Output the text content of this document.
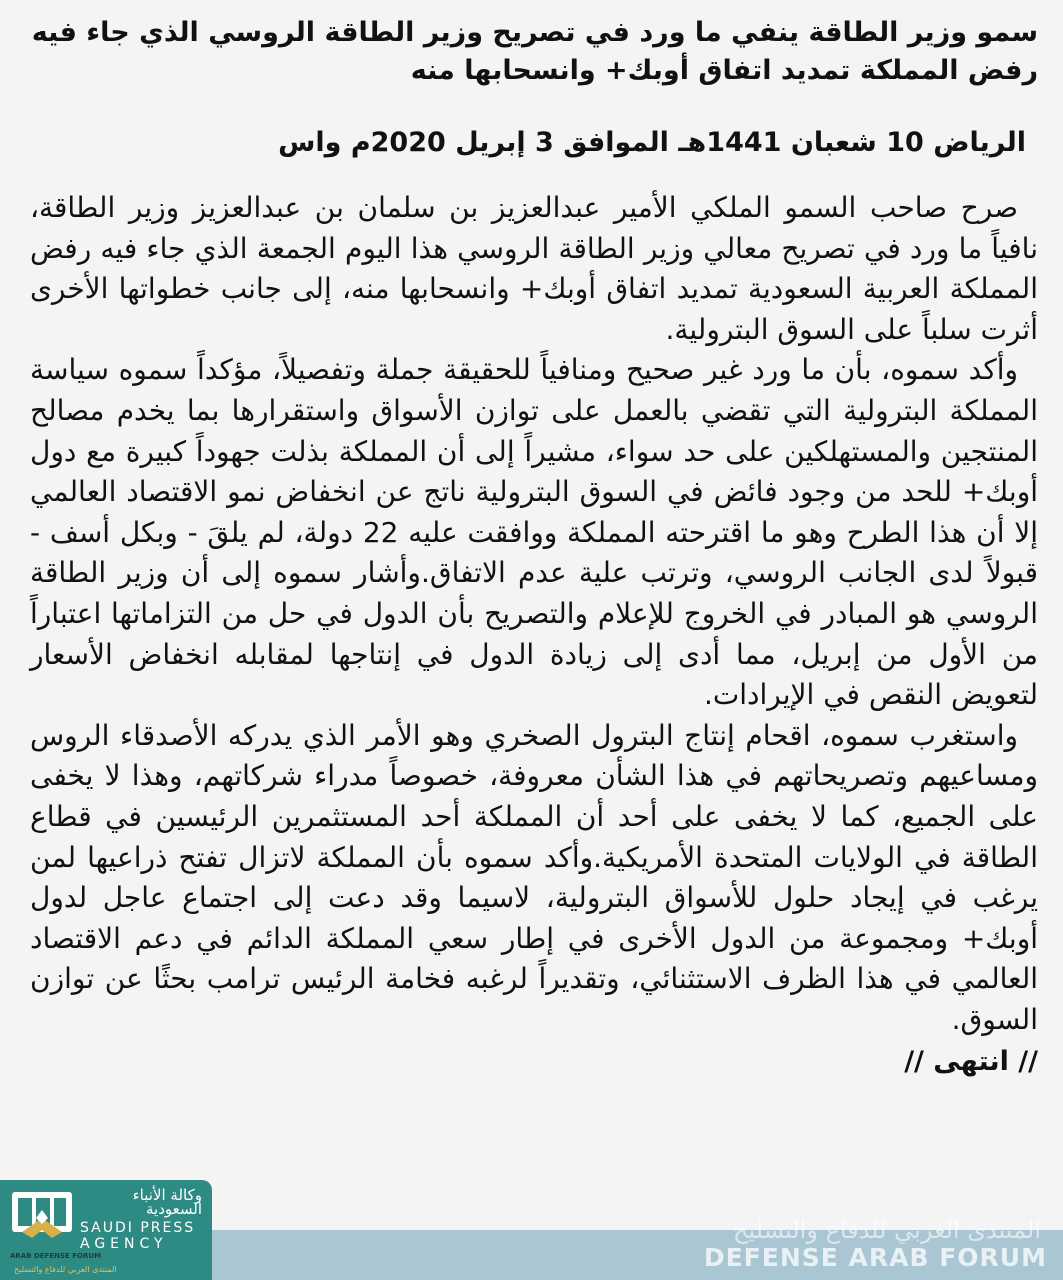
سمو وزير الطاقة ينفي ما ورد في تصريح وزير الطاقة الروسي الذي جاء فيه
رفض المملكة تمديد اتفاق أوبك+ وانسحابها منه

الرياض 10 شعبان 1441هـ الموافق 3 إبريل 2020م واس

صرح صاحب السمو الملكي الأمير عبدالعزيز بن سلمان بن عبدالعزيز وزير الطاقة، نافياً ما ورد في تصريح معالي وزير الطاقة الروسي هذا اليوم الجمعة الذي جاء فيه رفض المملكة العربية السعودية تمديد اتفاق أوبك+ وانسحابها منه، إلى جانب خطواتها الأخرى أثرت سلباً على السوق البترولية.

وأكد سموه، بأن ما ورد غير صحيح ومنافياً للحقيقة جملة وتفصيلاً، مؤكداً سموه سياسة المملكة البترولية التي تقضي بالعمل على توازن الأسواق واستقرارها بما يخدم مصالح المنتجين والمستهلكين على حد سواء، مشيراً إلى أن المملكة بذلت جهوداً كبيرة مع دول أوبك+ للحد من وجود فائض في السوق البترولية ناتج عن انخفاض نمو الاقتصاد العالمي إلا أن هذا الطرح وهو ما اقترحته المملكة ووافقت عليه 22 دولة، لم يلقَ - وبكل أسف - قبولاً لدى الجانب الروسي، وترتب علية عدم الاتفاق.وأشار سموه إلى أن وزير الطاقة الروسي هو المبادر في الخروج للإعلام والتصريح بأن الدول في حل من التزاماتها اعتباراً من الأول من إبريل، مما أدى إلى زيادة الدول في إنتاجها لمقابله انخفاض الأسعار لتعويض النقص في الإيرادات.

واستغرب سموه، اقحام إنتاج البترول الصخري وهو الأمر الذي يدركه الأصدقاء الروس ومساعيهم وتصريحاتهم في هذا الشأن معروفة، خصوصاً مدراء شركاتهم، وهذا لا يخفى على الجميع، كما لا يخفى على أحد أن المملكة أحد المستثمرين الرئيسين في قطاع الطاقة في الولايات المتحدة الأمريكية.وأكد سموه بأن المملكة لاتزال تفتح ذراعيها لمن يرغب في إيجاد حلول للأسواق البترولية، لاسيما وقد دعت إلى اجتماع عاجل لدول أوبك+ ومجموعة من الدول الأخرى في إطار سعي المملكة الدائم في دعم الاقتصاد العالمي في هذا الظرف الاستثنائي، وتقديراً لرغبه فخامة الرئيس ترامب بحثًا عن توازن السوق.

// انتهى //
المنتدى العربي للدفاع والتسليح
DEFENSE ARAB FORUM
وكالة الأنباء السعودية
SAUDI PRESS
AGENCY
ARAB DEFENSE FORUM
المنتدى العربي للدفاع والتسليح
